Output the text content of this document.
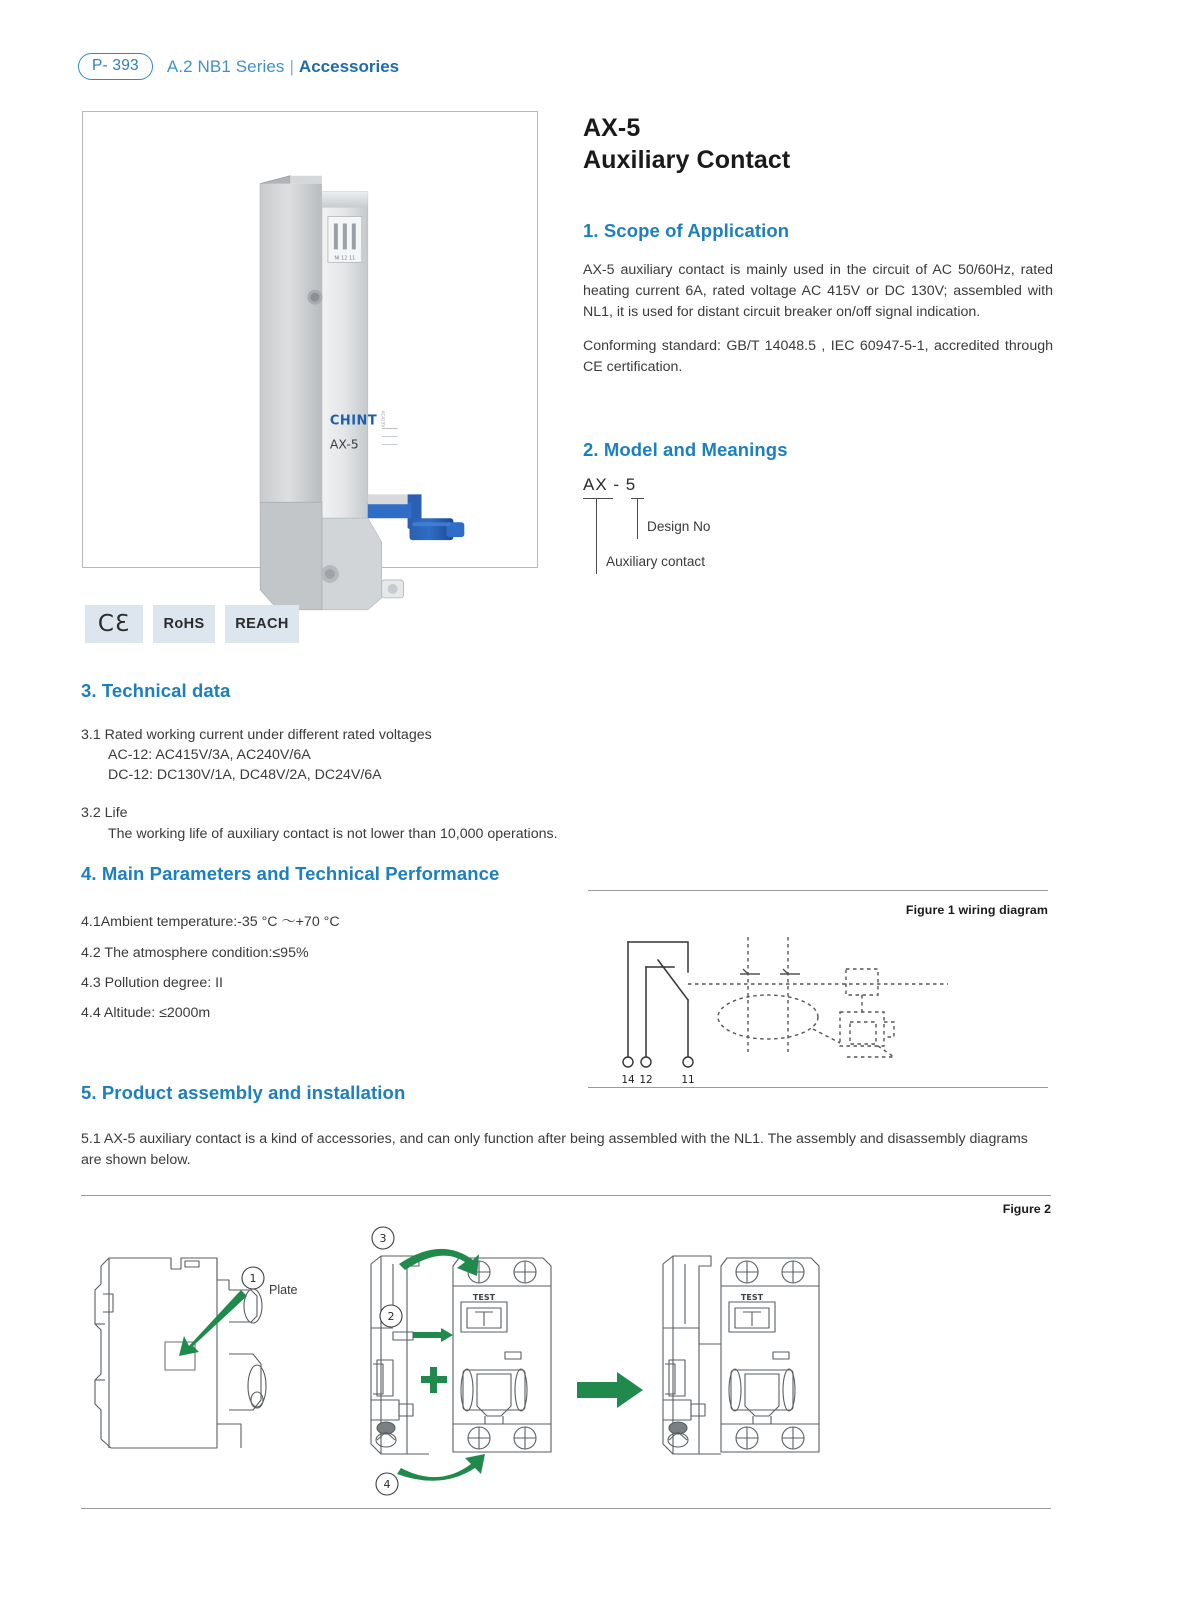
P- 393	A.2 NB1 Series | Accessories
NI 12 11
CHINT
AX-5
AC415V
AX-5
Auxiliary Contact
1. Scope of Application

AX-5 auxiliary contact is mainly used in the circuit of AC 50/60Hz, rated heating current 6A, rated voltage AC 415V or DC 130V; assembled with NL1, it is used for distant circuit breaker on/off signal indication.

Conforming standard: GB/T 14048.5 , IEC 60947-5-1, accredited through CE certification.

2. Model and Meanings
AX - 5
Design No
Auxiliary contact
CƐ	RoHS	REACH
3. Technical data
3.1 Rated working current under different rated voltages
AC-12: AC415V/3A, AC240V/6A
DC-12: DC130V/1A, DC48V/2A, DC24V/6A
3.2 Life
The working life of auxiliary contact is not lower than 10,000 operations.
4. Main Parameters and Technical Performance
4.1Ambient temperature:-35 °C ～+70 °C
4.2 The atmosphere condition:≤95%
4.3 Pollution degree: II
4.4 Altitude: ≤2000m
Figure 1 wiring diagram
14 12	11
5. Product assembly and installation

5.1 AX-5 auxiliary contact is a kind of accessories, and can only function after being assembled with the NL1. The assembly and disassembly diagrams are shown below.

Figure 2
TEST	TEST
1
2
3
4
Plate
